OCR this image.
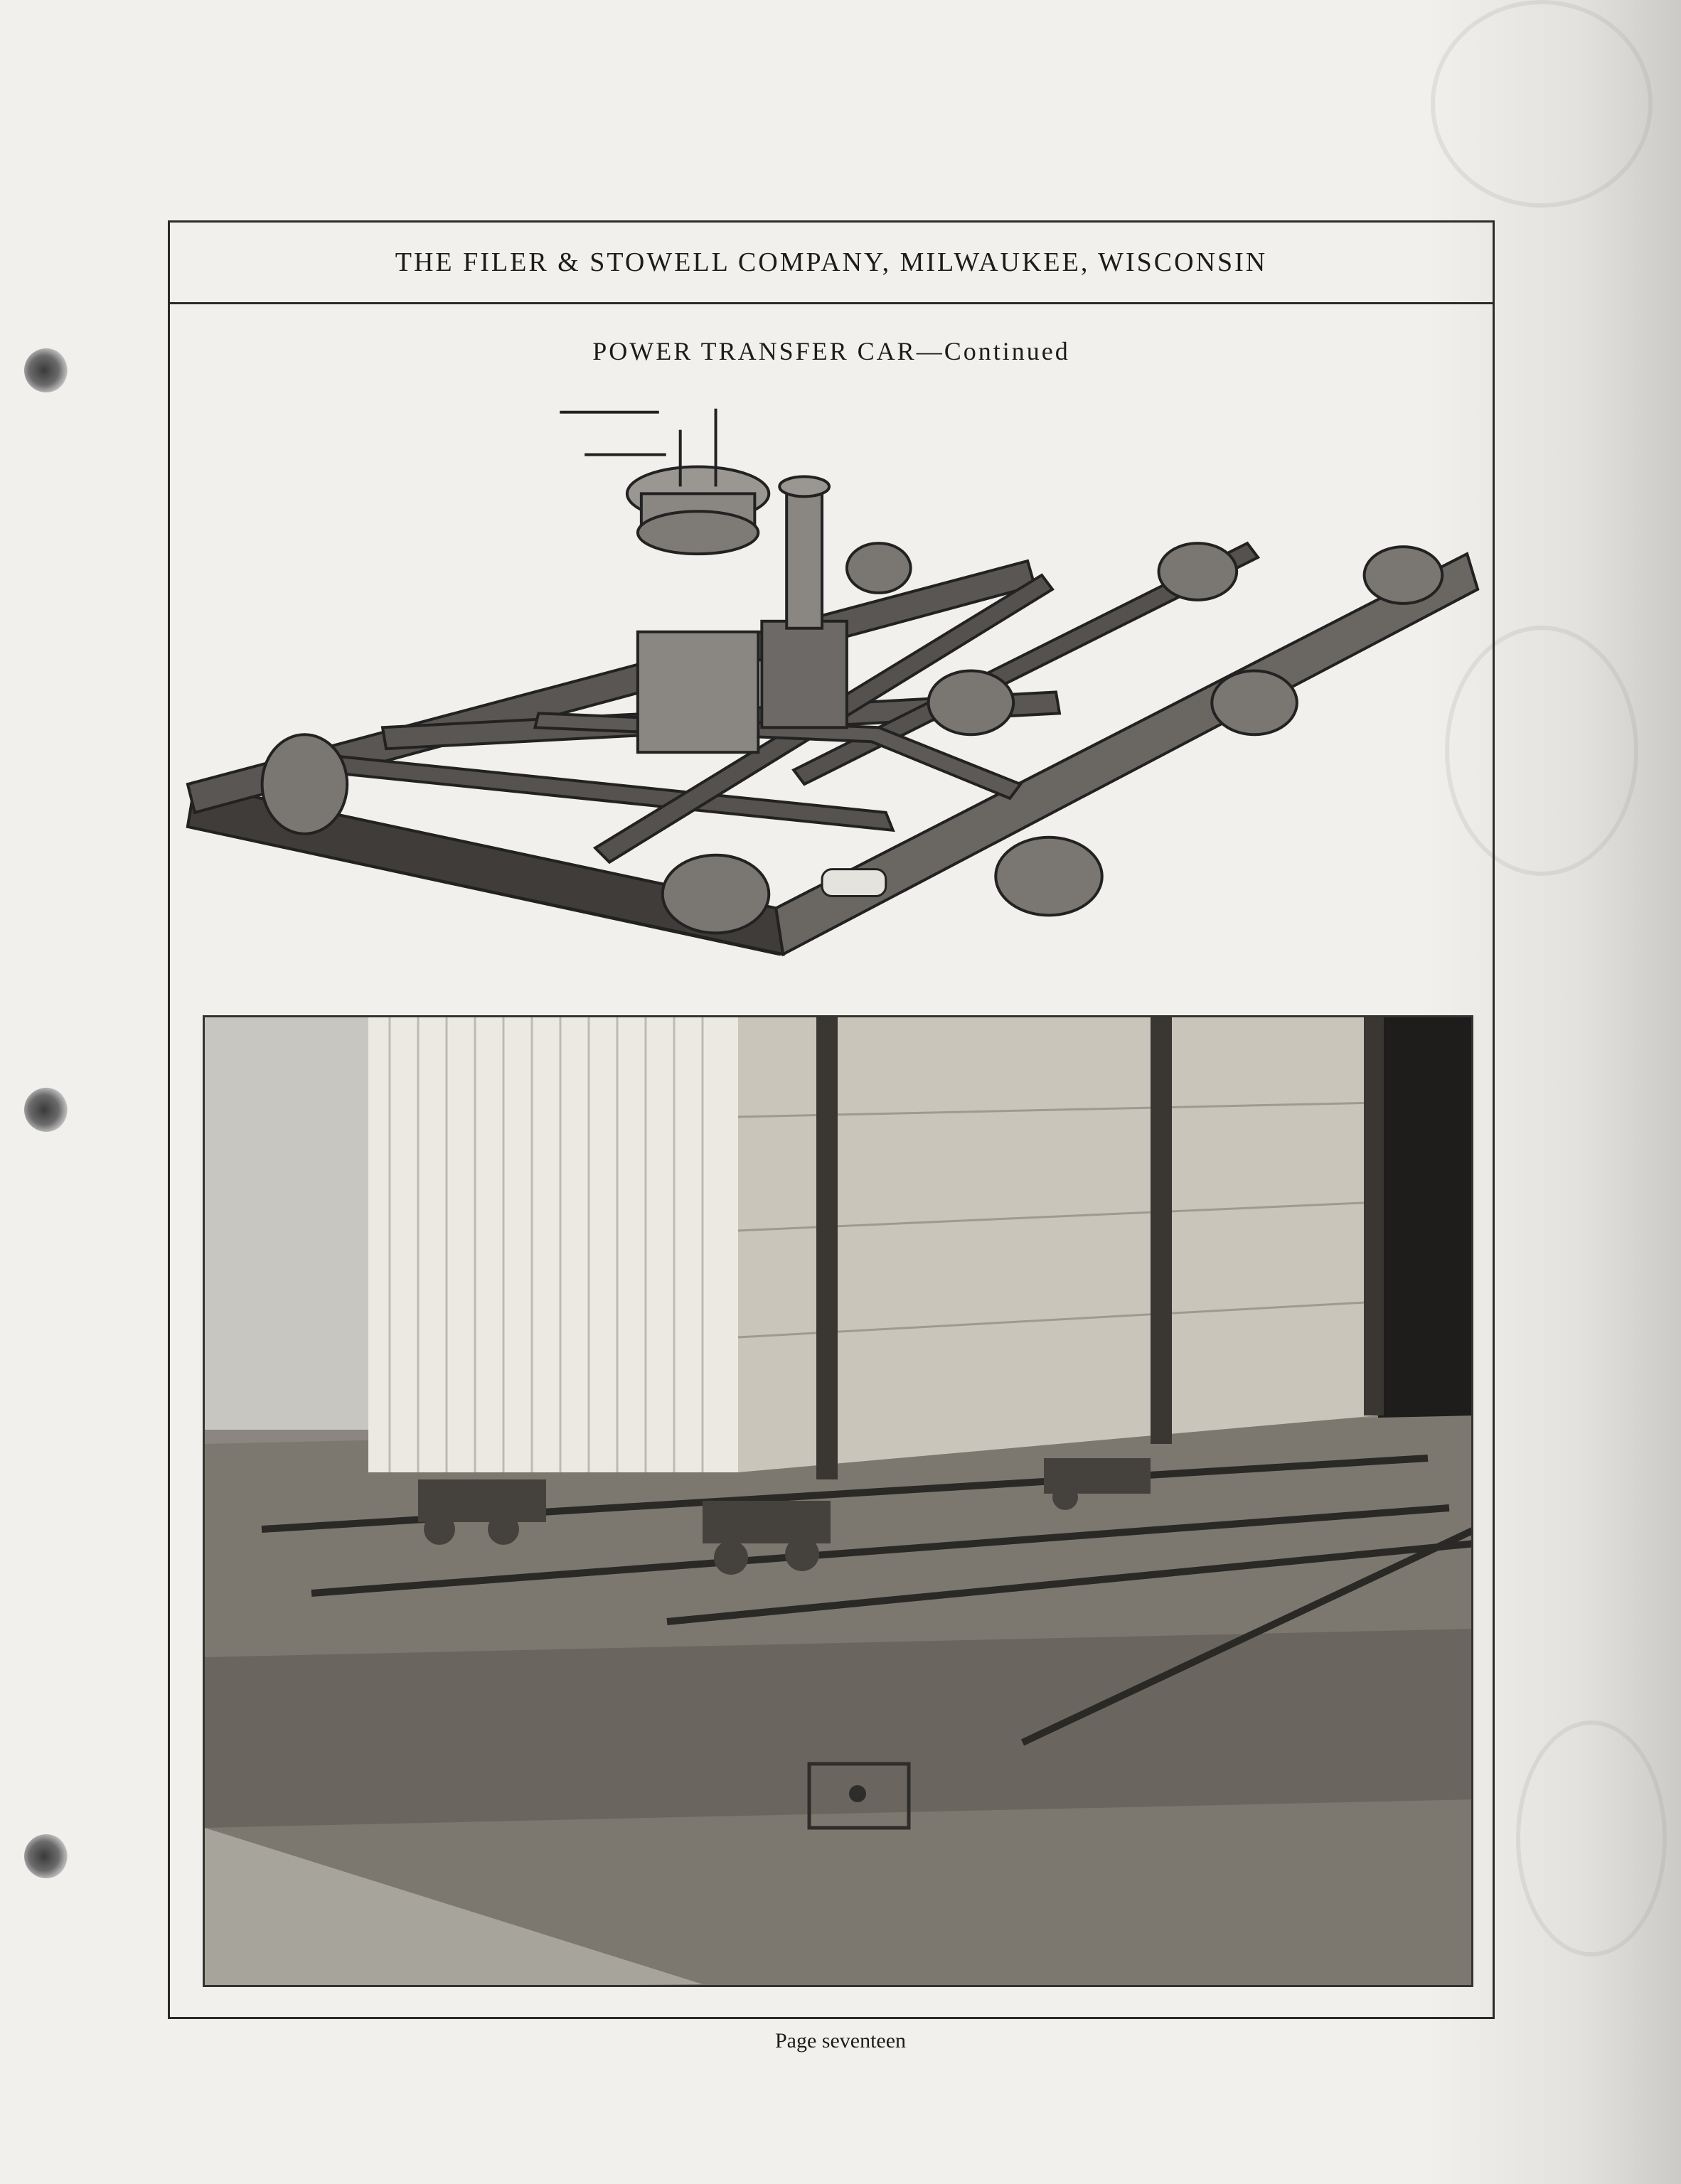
THE FILER & STOWELL COMPANY, MILWAUKEE, WISCONSIN
POWER TRANSFER CAR—Continued
Page seventeen
